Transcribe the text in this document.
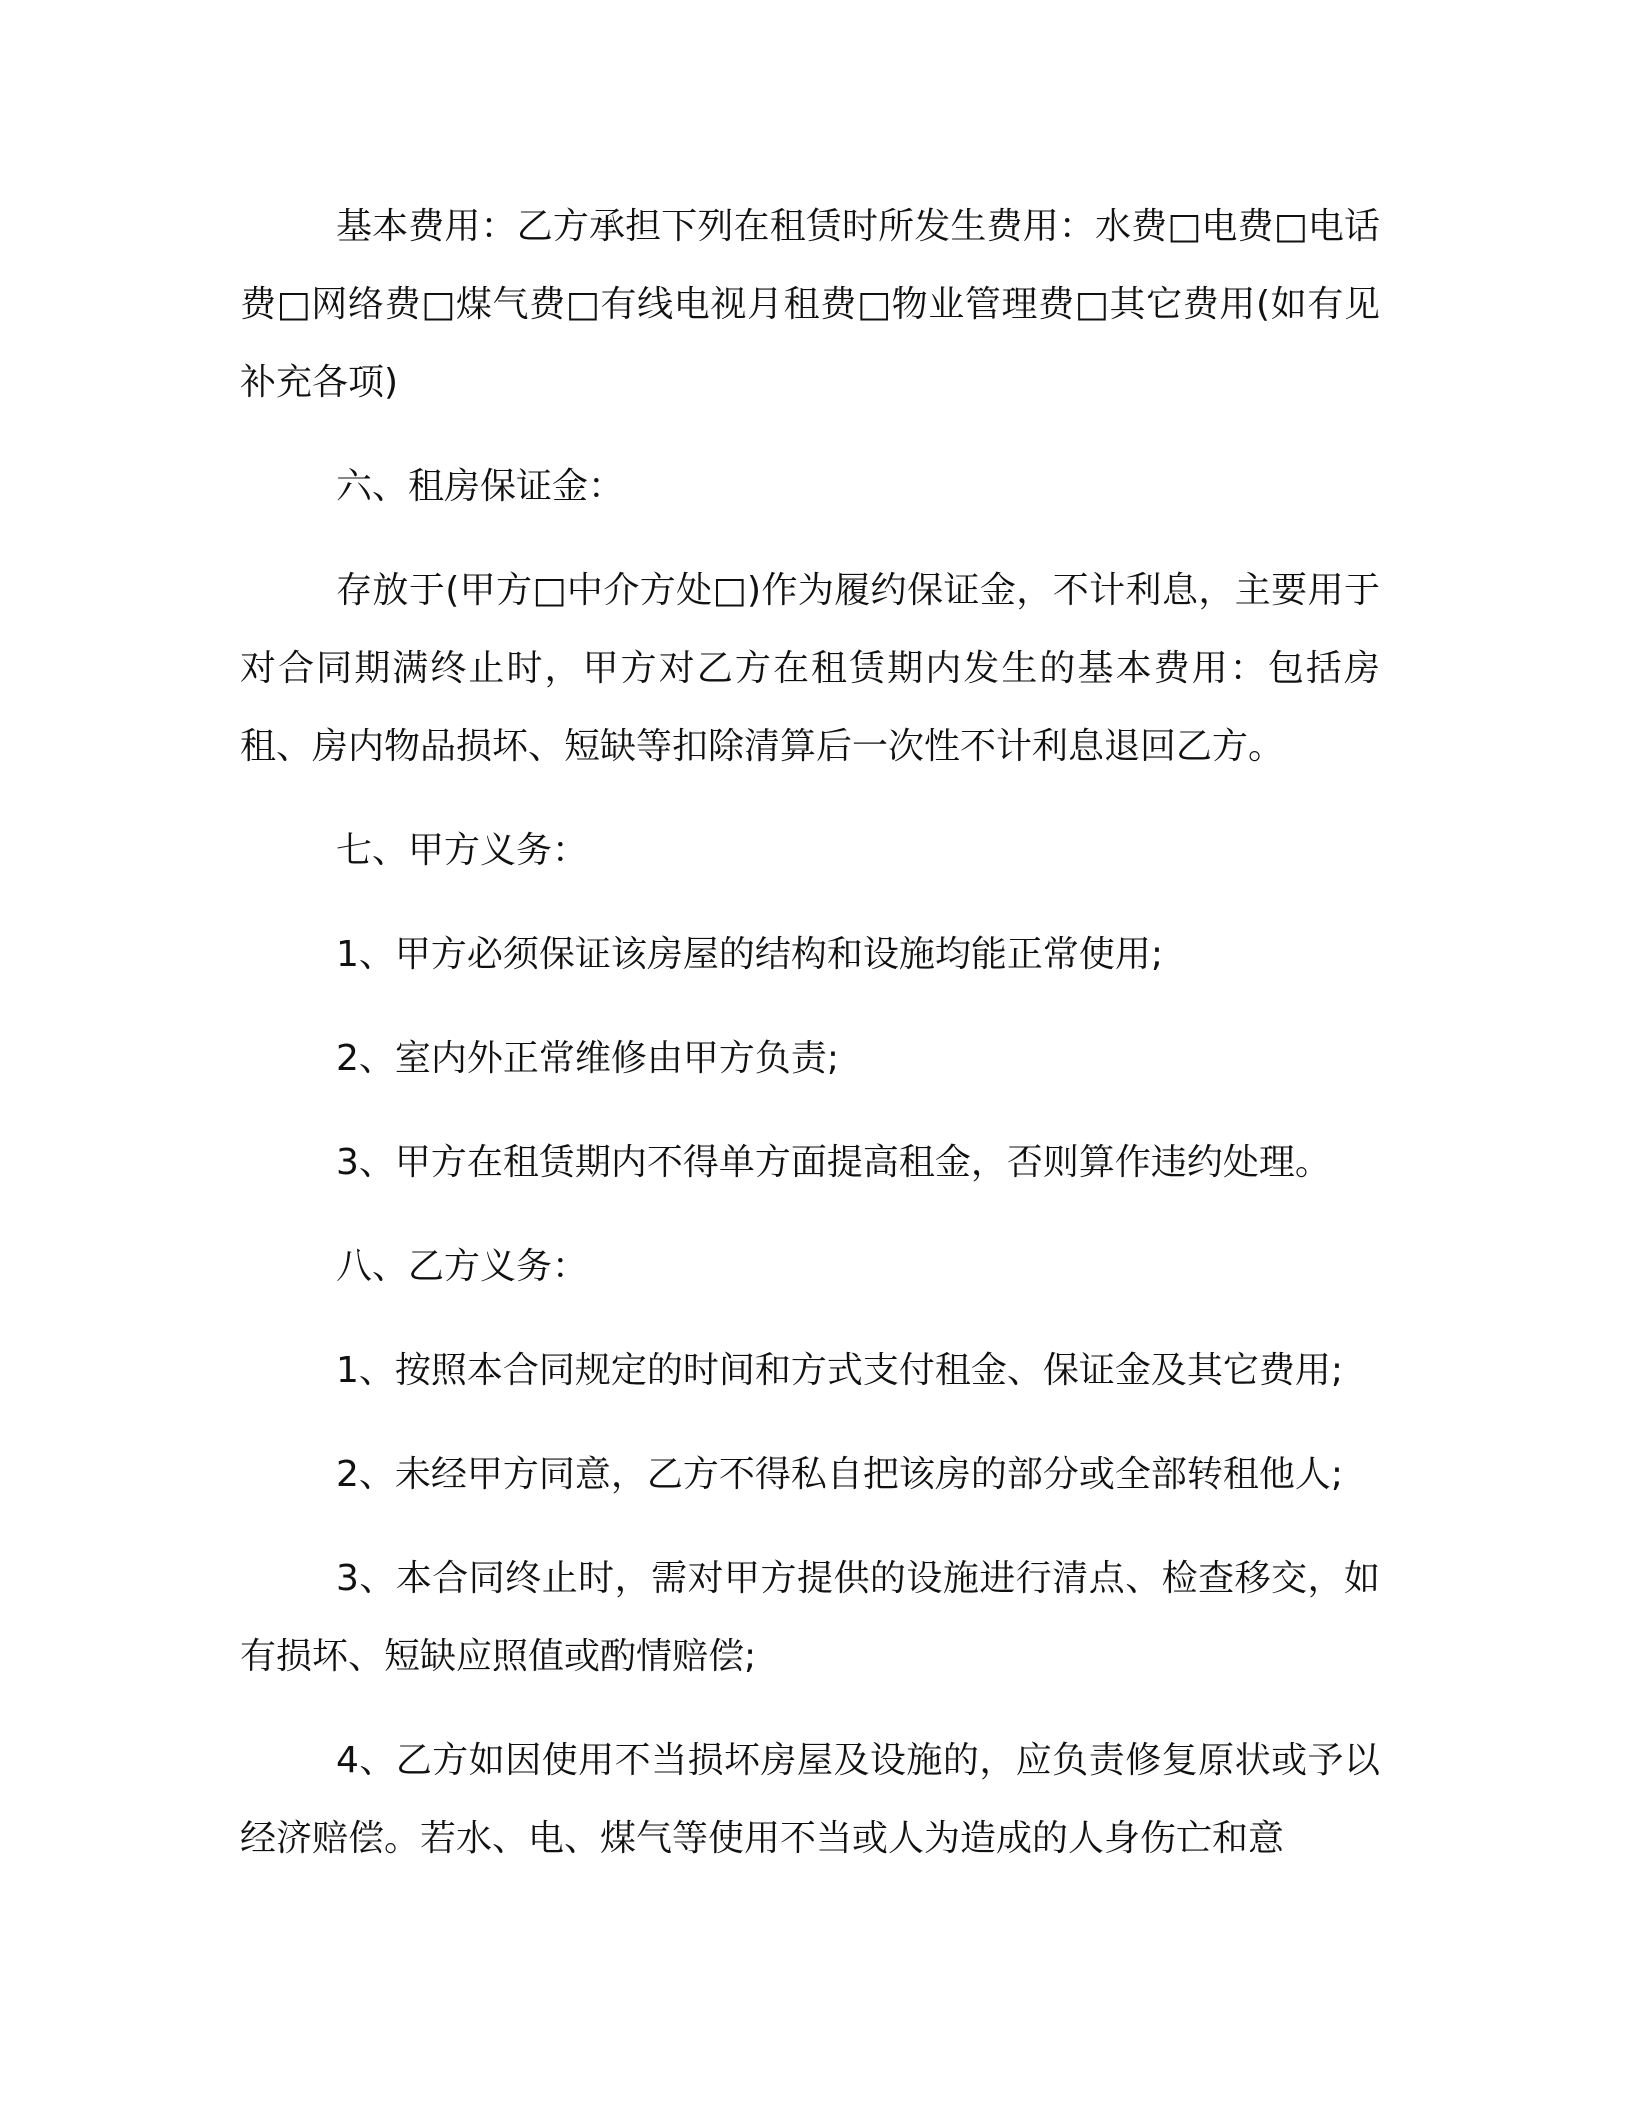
基本费用：乙方承担下列在租赁时所发生费用：水费□电费□电话费□网络费□煤气费□有线电视月租费□物业管理费□其它费用(如有见补充各项)

六、租房保证金：

存放于(甲方□中介方处□)作为履约保证金，不计利息，主要用于对合同期满终止时，甲方对乙方在租赁期内发生的基本费用：包括房租、房内物品损坏、短缺等扣除清算后一次性不计利息退回乙方。

七、甲方义务：

1、甲方必须保证该房屋的结构和设施均能正常使用;

2、室内外正常维修由甲方负责;

3、甲方在租赁期内不得单方面提高租金，否则算作违约处理。

八、乙方义务：

1、按照本合同规定的时间和方式支付租金、保证金及其它费用;

2、未经甲方同意，乙方不得私自把该房的部分或全部转租他人;

3、本合同终止时，需对甲方提供的设施进行清点、检查移交，如有损坏、短缺应照值或酌情赔偿;

4、乙方如因使用不当损坏房屋及设施的，应负责修复原状或予以经济赔偿。若水、电、煤气等使用不当或人为造成的人身伤亡和意
